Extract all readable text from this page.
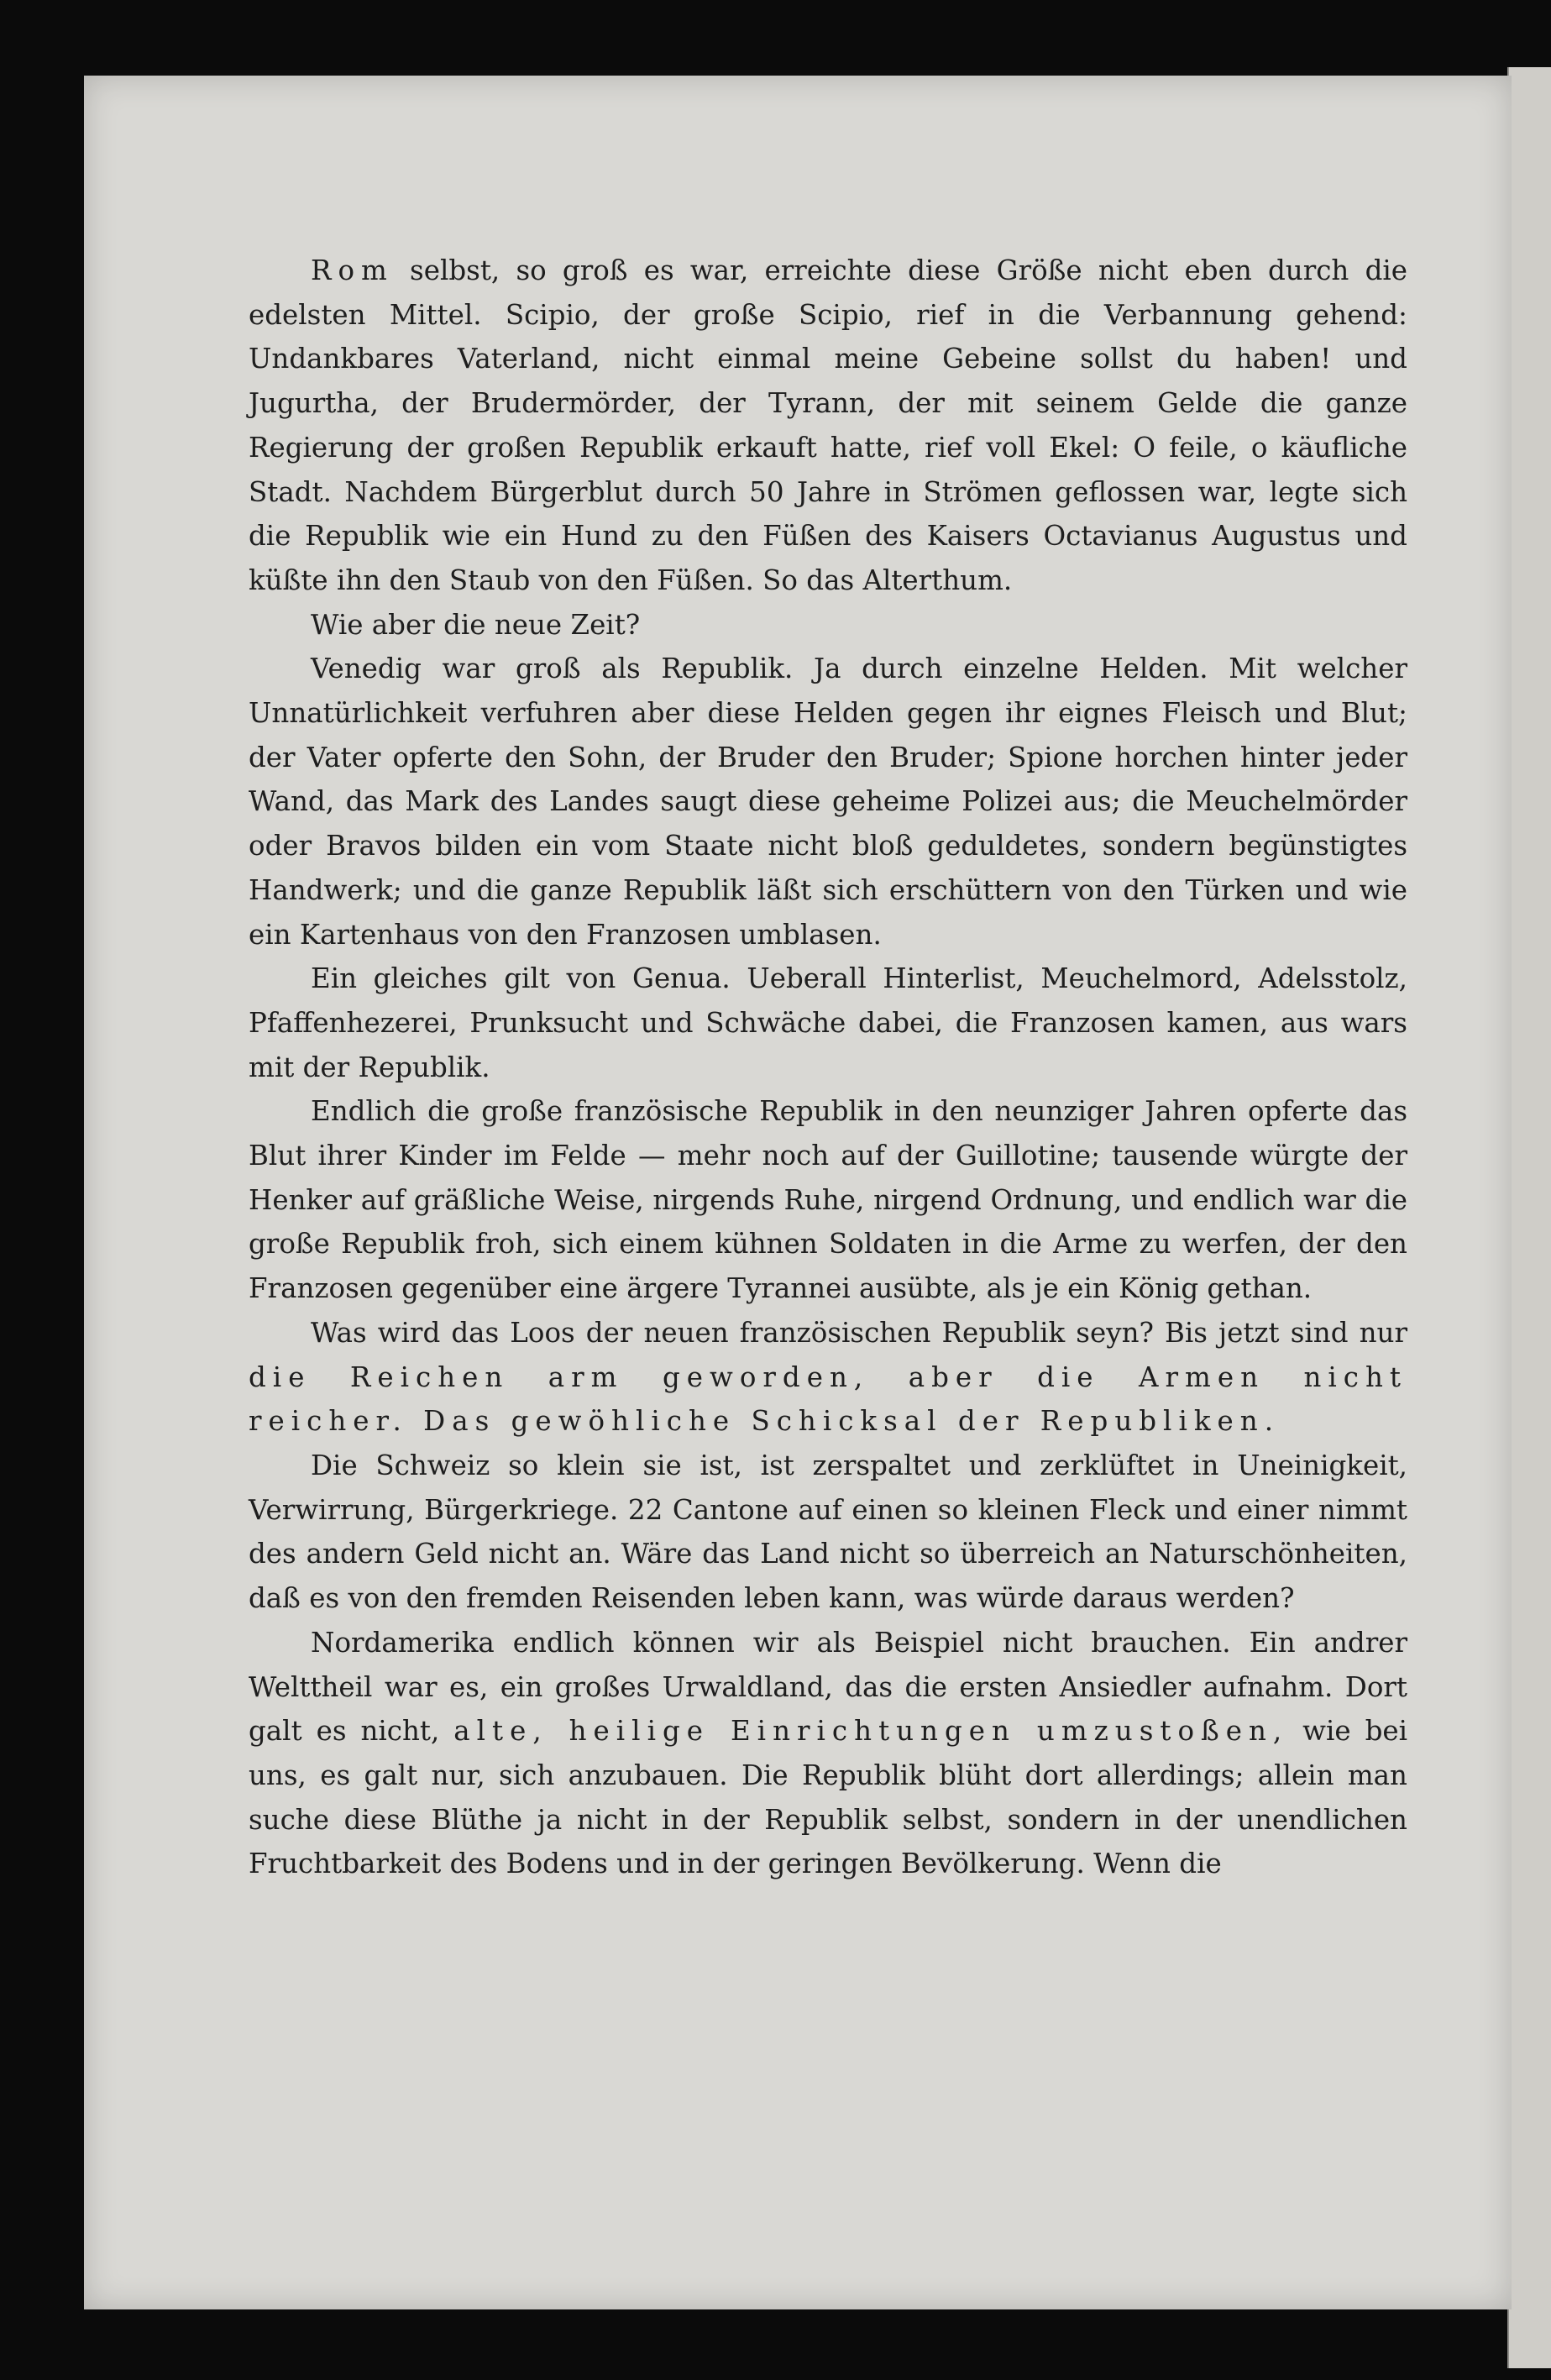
Rom selbst, so groß es war, erreichte diese Größe nicht eben durch die edelsten Mittel. Scipio, der große Scipio, rief in die Verbannung gehend: Undankbares Vaterland, nicht einmal meine Gebeine sollst du haben! und Jugurtha, der Brudermörder, der Tyrann, der mit seinem Gelde die ganze Regierung der großen Republik erkauft hatte, rief voll Ekel: O feile, o käufliche Stadt. Nachdem Bürgerblut durch 50 Jahre in Strömen geflossen war, legte sich die Republik wie ein Hund zu den Füßen des Kaisers Octavianus Augustus und küßte ihn den Staub von den Füßen. So das Alterthum.

Wie aber die neue Zeit?

Venedig war groß als Republik. Ja durch einzelne Helden. Mit welcher Unnatürlichkeit verfuhren aber diese Helden gegen ihr eignes Fleisch und Blut; der Vater opferte den Sohn, der Bruder den Bruder; Spione horchen hinter jeder Wand, das Mark des Landes saugt diese geheime Polizei aus; die Meuchelmörder oder Bravos bilden ein vom Staate nicht bloß geduldetes, sondern begünstigtes Handwerk; und die ganze Republik läßt sich erschüttern von den Türken und wie ein Kartenhaus von den Franzosen umblasen.

Ein gleiches gilt von Genua. Ueberall Hinterlist, Meuchelmord, Adelsstolz, Pfaffenhezerei, Prunksucht und Schwäche dabei, die Franzosen kamen, aus wars mit der Republik.

Endlich die große französische Republik in den neunziger Jahren opferte das Blut ihrer Kinder im Felde — mehr noch auf der Guillotine; tausende würgte der Henker auf gräßliche Weise, nirgends Ruhe, nirgend Ordnung, und endlich war die große Republik froh, sich einem kühnen Soldaten in die Arme zu werfen, der den Franzosen gegenüber eine ärgere Tyrannei ausübte, als je ein König gethan.

Was wird das Loos der neuen französischen Republik seyn? Bis jetzt sind nur die Reichen arm geworden, aber die Armen nicht reicher. Das gewöhliche Schicksal der Republiken.

Die Schweiz so klein sie ist, ist zerspaltet und zerklüftet in Uneinigkeit, Verwirrung, Bürgerkriege. 22 Cantone auf einen so kleinen Fleck und einer nimmt des andern Geld nicht an. Wäre das Land nicht so überreich an Naturschönheiten, daß es von den fremden Reisenden leben kann, was würde daraus werden?

Nordamerika endlich können wir als Beispiel nicht brauchen. Ein andrer Welttheil war es, ein großes Urwaldland, das die ersten Ansiedler aufnahm. Dort galt es nicht, alte, heilige Einrichtungen umzustoßen, wie bei uns, es galt nur, sich anzubauen. Die Republik blüht dort allerdings; allein man suche diese Blüthe ja nicht in der Republik selbst, sondern in der unendlichen Fruchtbarkeit des Bodens und in der geringen Bevölkerung. Wenn die
